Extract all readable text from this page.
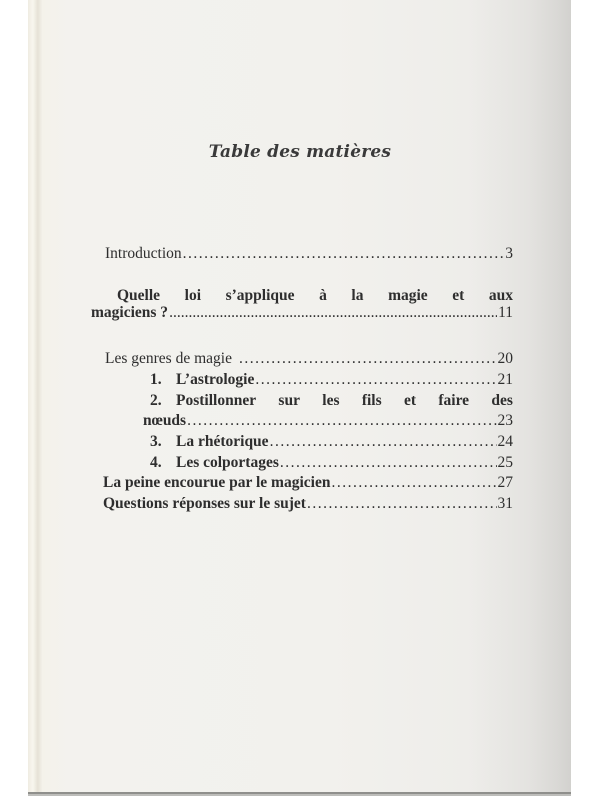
Table des matières
Introduction .....	3
Quelle loi s’applique à la magie et aux
magiciens ? .....	11
Les genres de magie .....	20
1. L’astrologie .....	21
2. Postillonner sur les fils et faire des
nœuds .....	23
3. La rhétorique .....	24
4. Les colportages .....	25
La peine encourue par le magicien .....	27
Questions réponses sur le sujet .....	31
